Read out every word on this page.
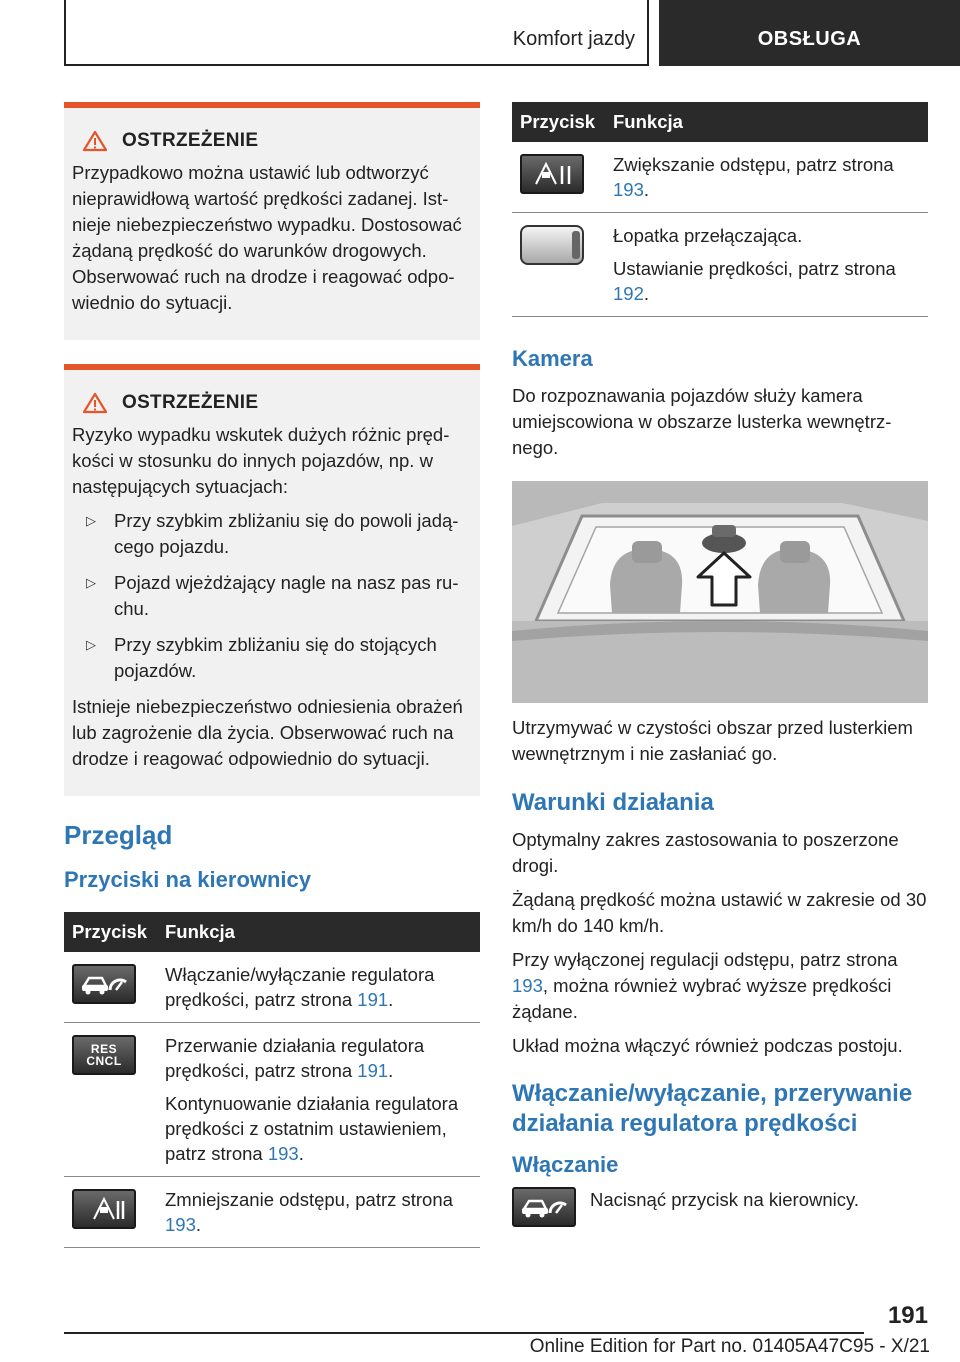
Komfort jazdy	OBSŁUGA
OSTRZEŻENIE

Przypadkowo można ustawić lub odtworzyć nieprawidłową wartość prędkości zadanej. Istnieje niebezpieczeństwo wypadku. Dostosować żądaną prędkość do warunków drogowych. Obserwować ruch na drodze i reagować odpowiednio do sytuacji.

OSTRZEŻENIE

Ryzyko wypadku wskutek dużych różnic prędkości w stosunku do innych pojazdów, np. w następujących sytuacjach:

▷ Przy szybkim zbliżaniu się do powoli jadącego pojazdu.
▷ Pojazd wjeżdżający nagle na nasz pas ruchu.
▷ Przy szybkim zbliżaniu się do stojących pojazdów.

Istnieje niebezpieczeństwo odniesienia obrażeń lub zagrożenie dla życia. Obserwować ruch na drodze i reagować odpowiednio do sytuacji.

Przegląd
Przyciski na kierownicy
Przycisk	Funkcja

Włączanie/wyłączanie regulatora prędkości, patrz strona 191.

RES CNCL	Przerwanie działania regulatora prędkości, patrz strona 191.

Kontynuowanie działania regulatora prędkości z ostatnim ustawieniem, patrz strona 193.

Zmniejszanie odstępu, patrz strona 193.

Przycisk	Funkcja

Zwiększanie odstępu, patrz strona 193.

	Łopatka przełączająca.

Ustawianie prędkości, patrz strona 192.

Kamera

Do rozpoznawania pojazdów służy kamera umiejscowiona w obszarze lusterka wewnętrznego.

Utrzymywać w czystości obszar przed lusterkiem wewnętrznym i nie zasłaniać go.

Warunki działania

Optymalny zakres zastosowania to poszerzone drogi.

Żądaną prędkość można ustawić w zakresie od 30 km/h do 140 km/h.

Przy wyłączonej regulacji odstępu, patrz strona 193, można również wybrać wyższe prędkości żądane.

Układ można włączyć również podczas postoju.

Włączanie/wyłączanie, przerywanie działania regulatora prędkości
Włączanie

Nacisnąć przycisk na kierownicy.

191
Online Edition for Part no. 01405A47C95 - X/21
